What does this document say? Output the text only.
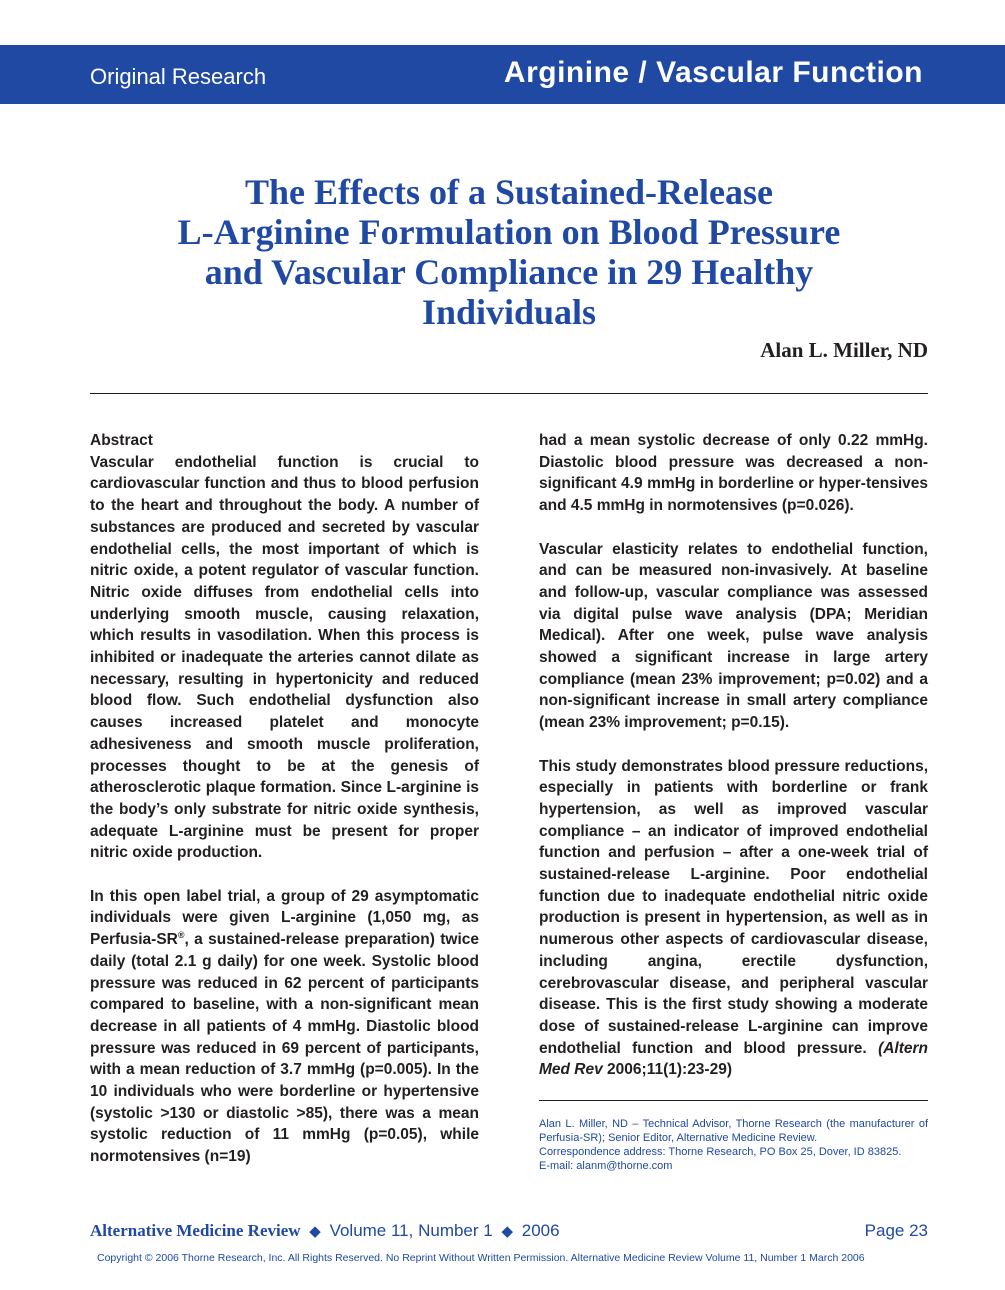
Original Research	Arginine / Vascular Function
The Effects of a Sustained-Release
L-Arginine Formulation on Blood Pressure
and Vascular Compliance in 29 Healthy
Individuals
Alan L. Miller, ND
Abstract

Vascular endothelial function is crucial to cardiovascular function and thus to blood perfusion to the heart and throughout the body. A number of substances are produced and secreted by vascular endothelial cells, the most important of which is nitric oxide, a potent regulator of vascular function. Nitric oxide diffuses from endothelial cells into underlying smooth muscle, causing relaxation, which results in vasodilation. When this process is inhibited or inadequate the arteries cannot dilate as necessary, resulting in hypertonicity and reduced blood flow. Such endothelial dysfunction also causes increased platelet and monocyte adhesiveness and smooth muscle proliferation, processes thought to be at the genesis of atherosclerotic plaque formation. Since L-arginine is the body’s only substrate for nitric oxide synthesis, adequate L-arginine must be present for proper nitric oxide production.

In this open label trial, a group of 29 asymptomatic individuals were given L-arginine (1,050 mg, as Perfusia-SR®, a sustained-release preparation) twice daily (total 2.1 g daily) for one week. Systolic blood pressure was reduced in 62 percent of participants compared to baseline, with a non-significant mean decrease in all patients of 4 mmHg. Diastolic blood pressure was reduced in 69 percent of participants, with a mean reduction of 3.7 mmHg (p=0.005). In the 10 individuals who were borderline or hypertensive (systolic >130 or diastolic >85), there was a mean systolic reduction of 11 mmHg (p=0.05), while normotensives (n=19)

had a mean systolic decrease of only 0.22 mmHg. Diastolic blood pressure was decreased a non-significant 4.9 mmHg in borderline or hyper-tensives and 4.5 mmHg in normotensives (p=0.026).

Vascular elasticity relates to endothelial function, and can be measured non-invasively. At baseline and follow-up, vascular compliance was assessed via digital pulse wave analysis (DPA; Meridian Medical). After one week, pulse wave analysis showed a significant increase in large artery compliance (mean 23% improvement; p=0.02) and a non-significant increase in small artery compliance (mean 23% improvement; p=0.15).

This study demonstrates blood pressure reductions, especially in patients with borderline or frank hypertension, as well as improved vascular compliance – an indicator of improved endothelial function and perfusion – after a one-week trial of sustained-release L-arginine. Poor endothelial function due to inadequate endothelial nitric oxide production is present in hypertension, as well as in numerous other aspects of cardiovascular disease, including angina, erectile dysfunction, cerebrovascular disease, and peripheral vascular disease. This is the first study showing a moderate dose of sustained-release L-arginine can improve endothelial function and blood pressure. (Altern Med Rev 2006;11(1):23-29)

Alan L. Miller, ND – Technical Advisor, Thorne Research (the manufacturer of Perfusia-SR); Senior Editor, Alternative Medicine Review.
Correspondence address: Thorne Research, PO Box 25, Dover, ID 83825.
E-mail: alanm@thorne.com
Alternative Medicine Review ◆ Volume 11, Number 1 ◆ 2006	Page 23
Copyright © 2006 Thorne Research, Inc. All Rights Reserved. No Reprint Without Written Permission. Alternative Medicine Review Volume 11, Number 1 March 2006
